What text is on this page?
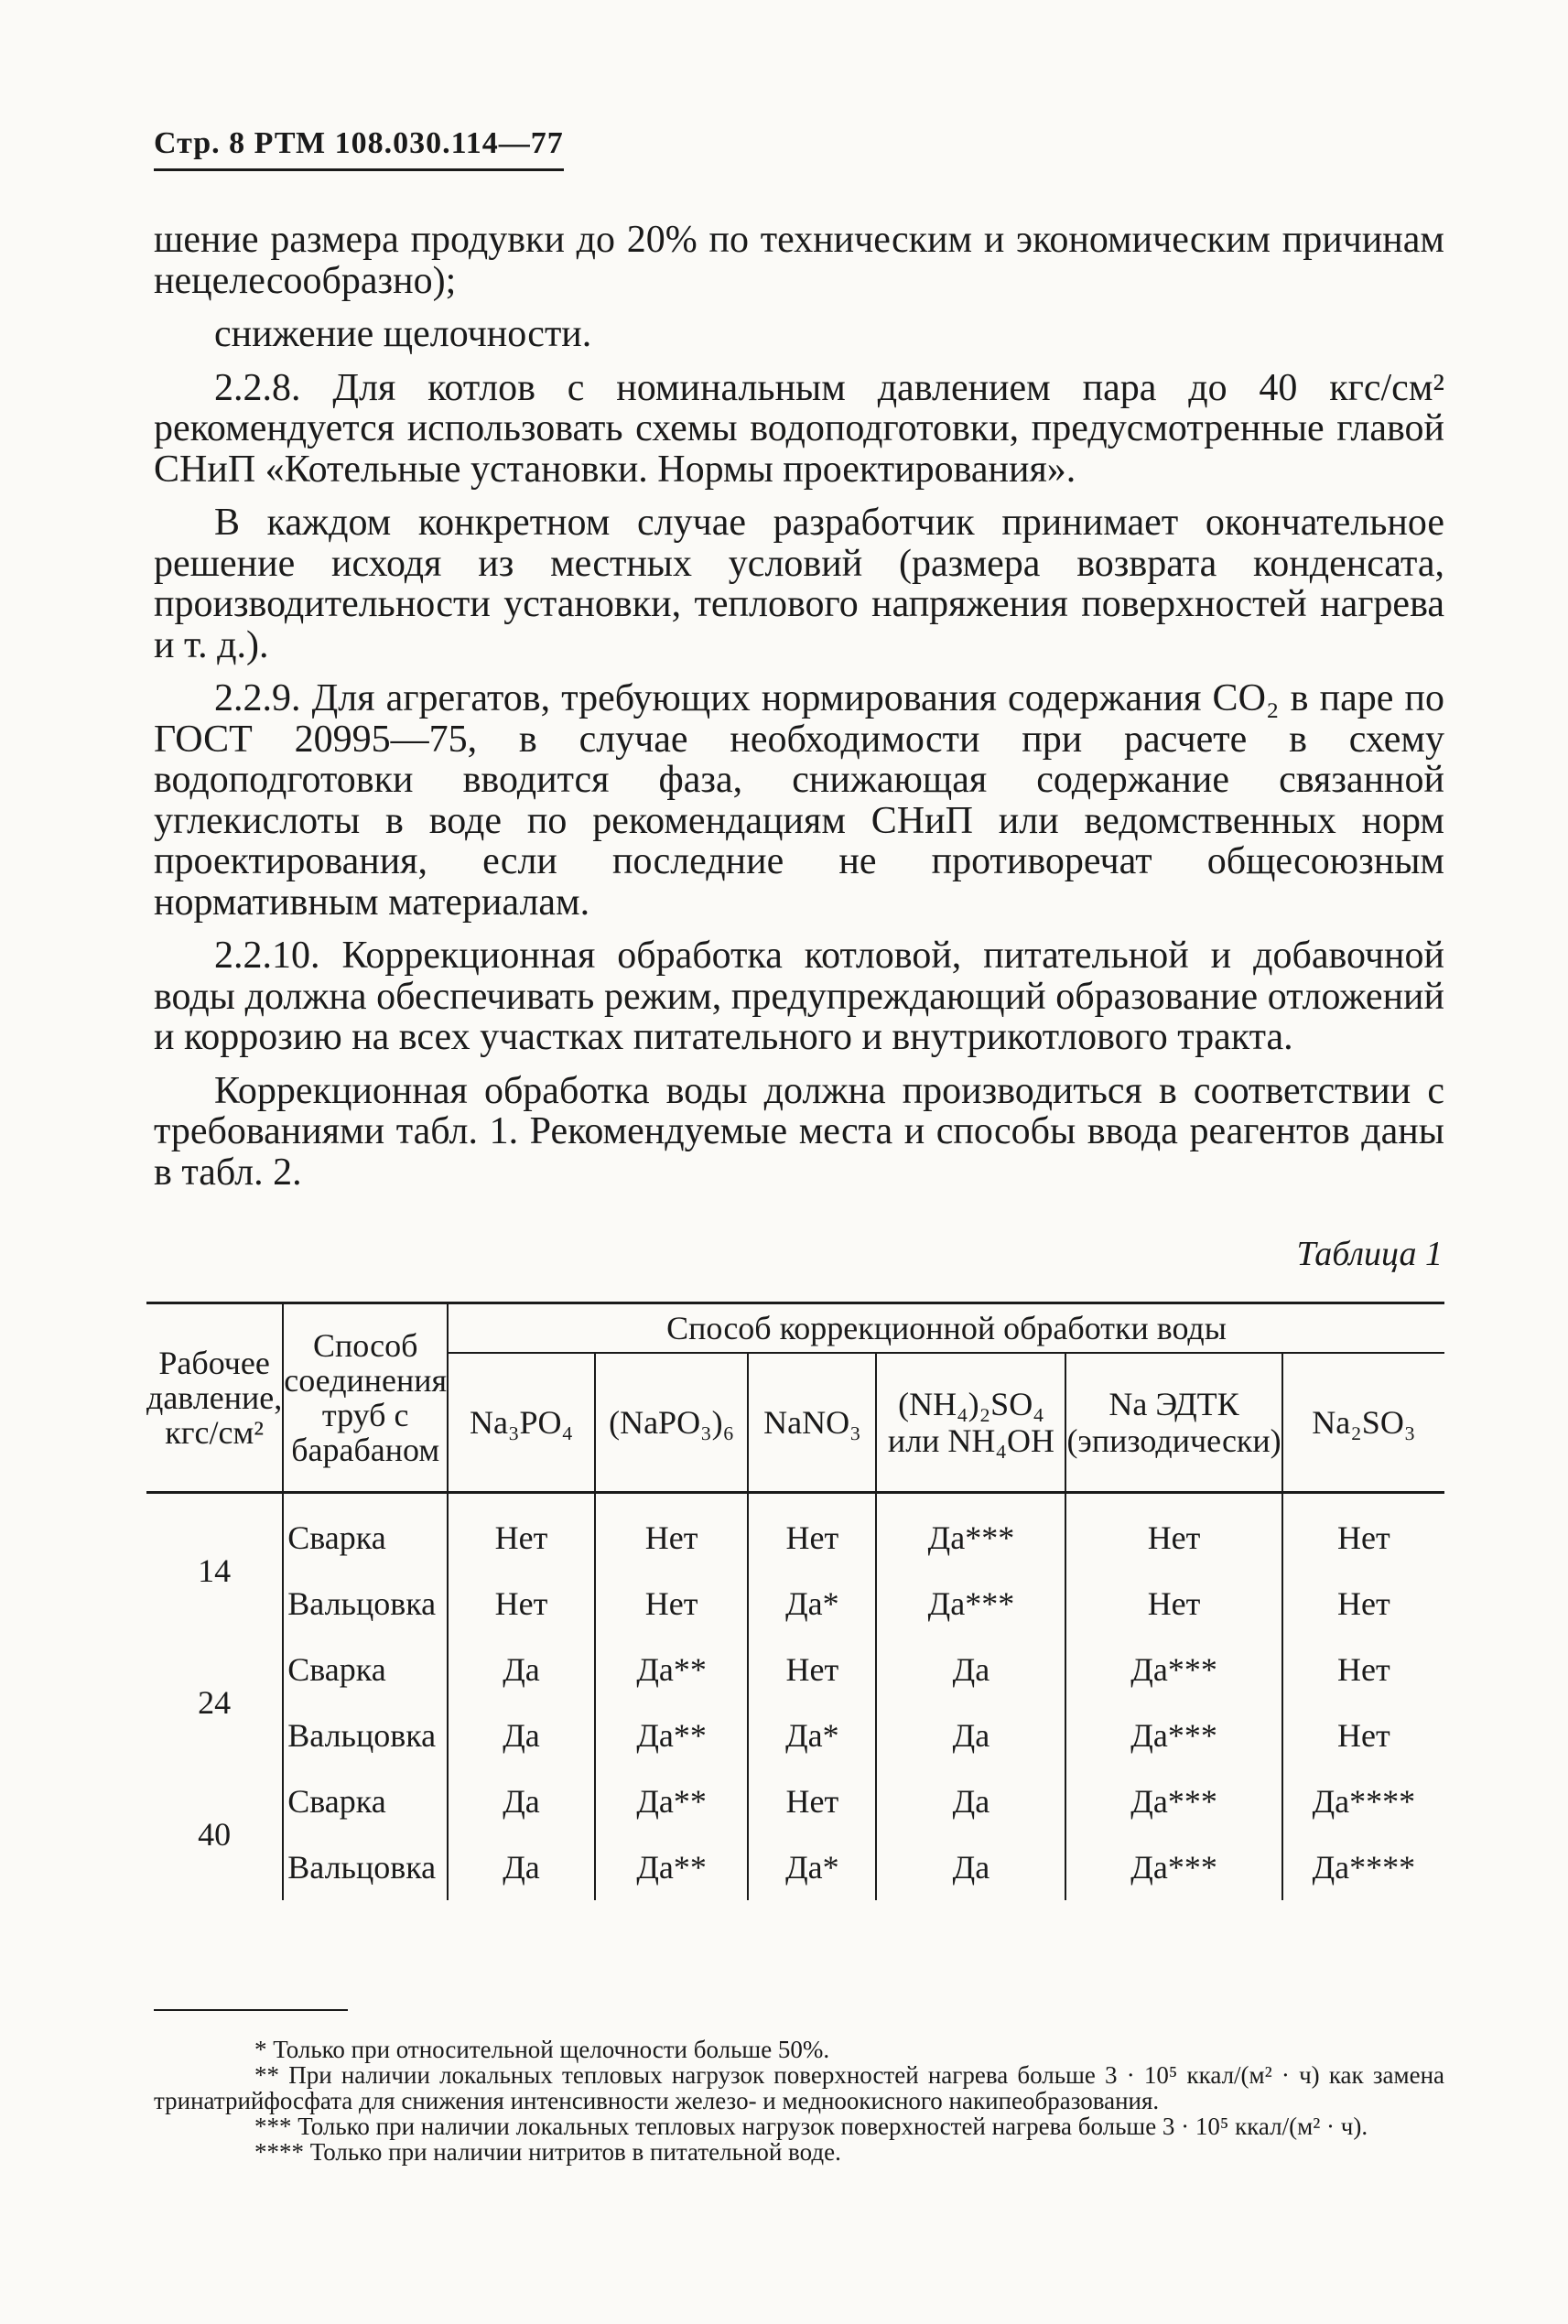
Стр. 8 РТМ 108.030.114—77

шение размера продувки до 20% по техническим и экономическим причинам нецелесообразно);

снижение щелочности.

2.2.8. Для котлов с номинальным давлением пара до 40 кгс/см² рекомендуется использовать схемы водоподготовки, предусмотренные главой СНиП «Котельные установки. Нормы проектирования».

В каждом конкретном случае разработчик принимает окончательное решение исходя из местных условий (размера возврата конденсата, производительности установки, теплового напряжения поверхностей нагрева и т. д.).

2.2.9. Для агрегатов, требующих нормирования содержания CO₂ в паре по ГОСТ 20995—75, в случае необходимости при расчете в схему водоподготовки вводится фаза, снижающая содержание связанной углекислоты в воде по рекомендациям СНиП или ведомственных норм проектирования, если последние не противоречат общесоюзным нормативным материалам.

2.2.10. Коррекционная обработка котловой, питательной и добавочной воды должна обеспечивать режим, предупреждающий образование отложений и коррозию на всех участках питательного и внутрикотлового тракта.

Коррекционная обработка воды должна производиться в соответствии с требованиями табл. 1. Рекомендуемые места и способы ввода реагентов даны в табл. 2.

Таблица 1
Рабочее давление, кгс/см²	Способ соединения труб с барабаном	Способ коррекционной обработки воды					
		Na₃PO₄	(NaPO₃)₆	NaNO₃	(NH₄)₂SO₄ или NH₄OH	Na ЭДТК (эпизодически)	Na₂SO₃
14	Сварка	Нет	Нет	Нет	Да***	Нет	Нет
	Вальцовка	Нет	Нет	Да*	Да***	Нет	Нет
24	Сварка	Да	Да**	Нет	Да	Да***	Нет
	Вальцовка	Да	Да**	Да*	Да	Да***	Нет
40	Сварка	Да	Да**	Нет	Да	Да***	Да****
	Вальцовка	Да	Да**	Да*	Да	Да***	Да****

* Только при относительной щелочности больше 50%.

** При наличии локальных тепловых нагрузок поверхностей нагрева больше 3 · 10⁵ ккал/(м² · ч) как замена тринатрийфосфата для снижения интенсивности железо- и медноокисного накипеобразования.

*** Только при наличии локальных тепловых нагрузок поверхностей нагрева больше 3 · 10⁵ ккал/(м² · ч).

**** Только при наличии нитритов в питательной воде.
